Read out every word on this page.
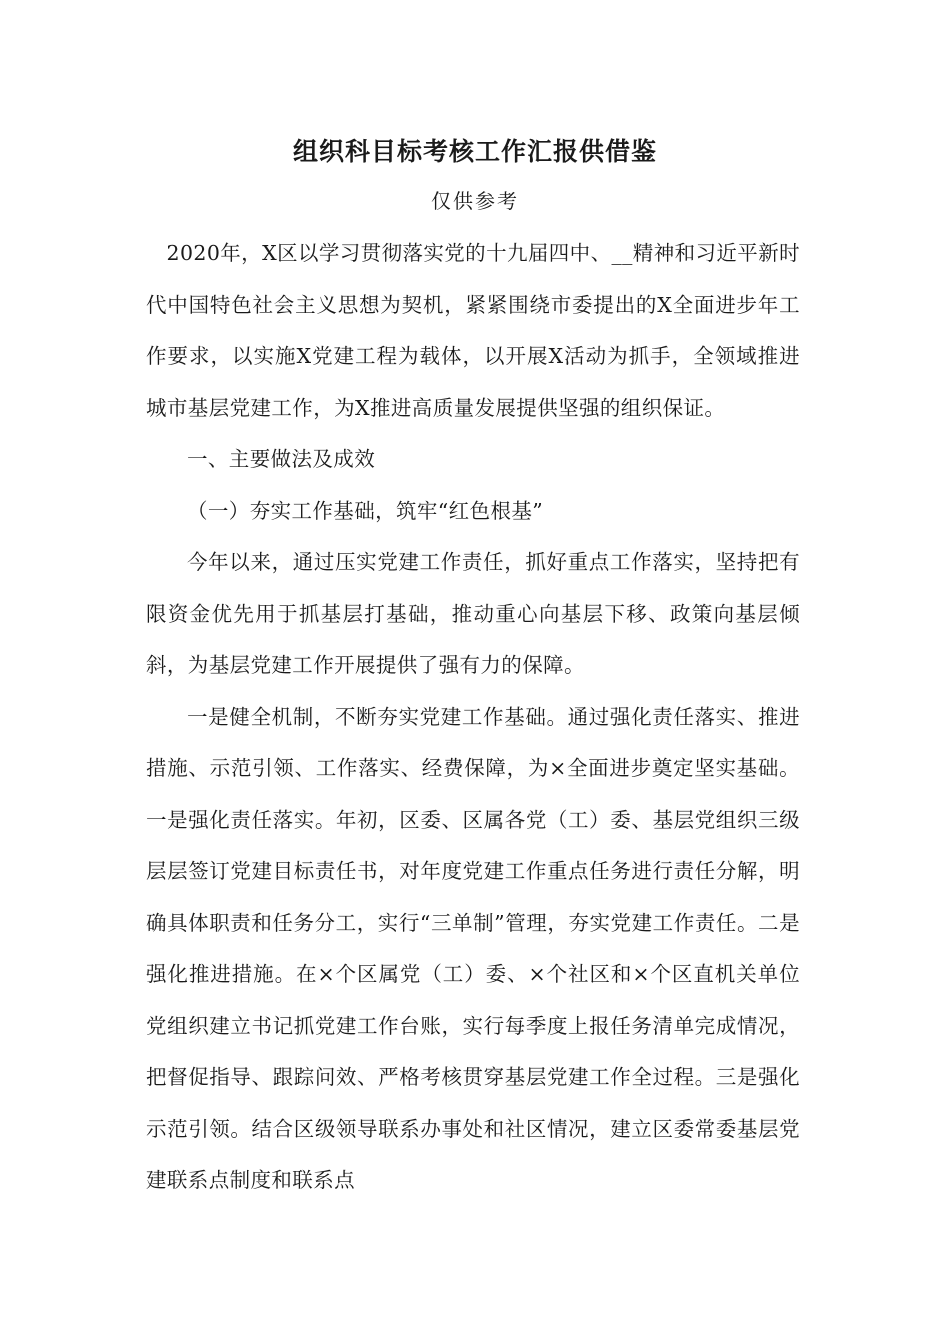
组织科目标考核工作汇报供借鉴
仅供参考

2020年，X区以学习贯彻落实党的十九届四中、__精神和习近平新时代中国特色社会主义思想为契机，紧紧围绕市委提出的X全面进步年工作要求，以实施X党建工程为载体，以开展X活动为抓手，全领域推进城市基层党建工作，为X推进高质量发展提供坚强的组织保证。

一、主要做法及成效

（一）夯实工作基础，筑牢“红色根基”

今年以来，通过压实党建工作责任，抓好重点工作落实，坚持把有限资金优先用于抓基层打基础，推动重心向基层下移、政策向基层倾斜，为基层党建工作开展提供了强有力的保障。

一是健全机制，不断夯实党建工作基础。通过强化责任落实、推进措施、示范引领、工作落实、经费保障，为×全面进步奠定坚实基础。一是强化责任落实。年初，区委、区属各党（工）委、基层党组织三级层层签订党建目标责任书，对年度党建工作重点任务进行责任分解，明确具体职责和任务分工，实行“三单制”管理，夯实党建工作责任。二是强化推进措施。在×个区属党（工）委、×个社区和×个区直机关单位党组织建立书记抓党建工作台账，实行每季度上报任务清单完成情况，把督促指导、跟踪问效、严格考核贯穿基层党建工作全过程。三是强化示范引领。结合区级领导联系办事处和社区情况，建立区委常委基层党建联系点制度和联系点
